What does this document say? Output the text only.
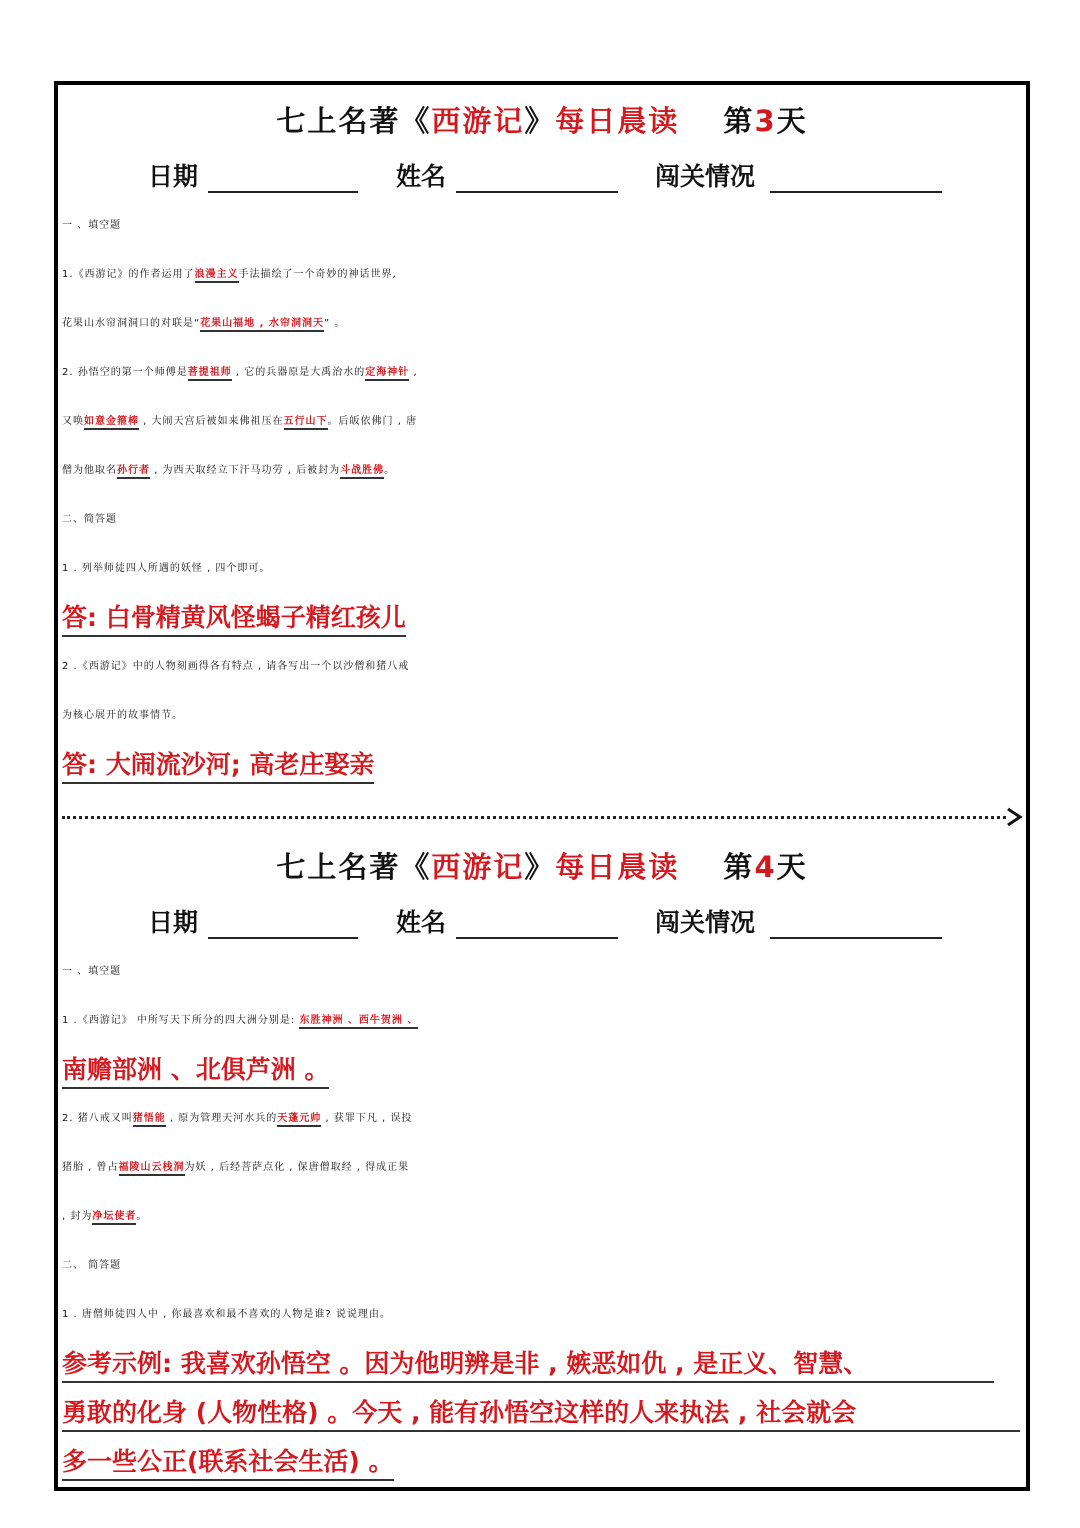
七上名著《西游记》每日晨读 第3天
日期	姓名	闯关情况
一 、填空题
1.《西游记》的作者运用了浪漫主义手法描绘了一个奇妙的神话世界,
花果山水帘洞洞口的对联是“花果山福地 , 水帘洞洞天” 。
2. 孙悟空的第一个师傅是菩提祖师 , 它的兵器原是大禹治水的定海神针 ,
又唤如意金箍棒 , 大闹天宫后被如来佛祖压在五行山下。后皈依佛门 , 唐
僧为他取名孙行者 , 为西天取经立下汗马功劳 , 后被封为斗战胜佛。
二、简答题
1 . 列举师徒四人所遇的妖怪 , 四个即可。
答: 白骨精黄风怪蝎子精红孩儿
2 .《西游记》中的人物刻画得各有特点 , 请各写出一个以沙僧和猪八戒
为核心展开的故事情节。
答: 大闹流沙河; 高老庄娶亲
七上名著《西游记》每日晨读 第4天
日期	姓名	闯关情况
一 、填空题
1 .《西游记》 中所写天下所分的四大洲分别是: 东胜神洲 、西牛贺洲 、
南赡部洲 、北俱芦洲 。
2. 猪八戒又叫猪悟能 , 原为管理天河水兵的天蓬元帅 , 获罪下凡 , 误投
猪胎 , 曾占福陵山云栈洞为妖 , 后经菩萨点化 , 保唐僧取经 , 得成正果
, 封为净坛使者。
二、 简答题
1 . 唐僧师徒四人中 , 你最喜欢和最不喜欢的人物是谁? 说说理由。
参考示例: 我喜欢孙悟空 。因为他明辨是非 , 嫉恶如仇 , 是正义、智慧、
勇敢的化身 (人物性格) 。今天 , 能有孙悟空这样的人来执法 , 社会就会
多一些公正(联系社会生活) 。
